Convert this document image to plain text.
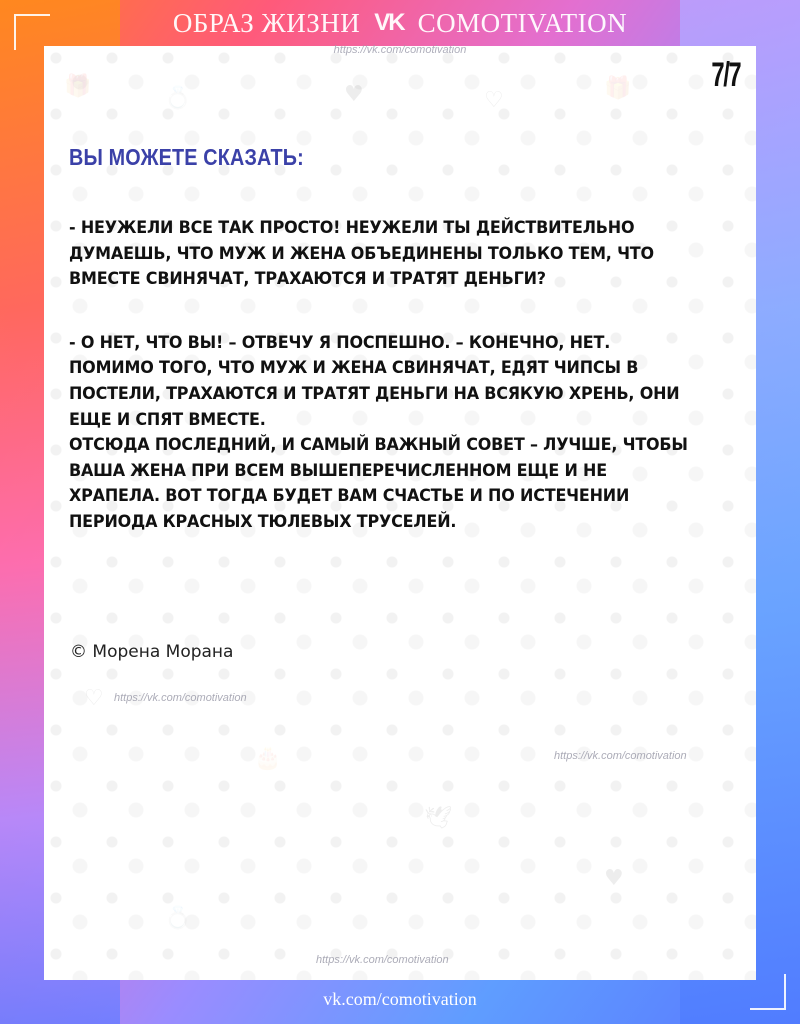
ОБРАЗ ЖИЗНИ VK COMOTIVATION
https://vk.com/comotivation
🎁	💍	♥	♡	🎁
♡
🎂
🕊
♥
💍
7/7
ВЫ МОЖЕТЕ СКАЗАТЬ:

- НЕУЖЕЛИ ВСЕ ТАК ПРОСТО! НЕУЖЕЛИ ТЫ ДЕЙСТВИТЕЛЬНО ДУМАЕШЬ, ЧТО МУЖ И ЖЕНА ОБЪЕДИНЕНЫ ТОЛЬКО ТЕМ, ЧТО ВМЕСТЕ СВИНЯЧАТ, ТРАХАЮТСЯ И ТРАТЯТ ДЕНЬГИ?

- О НЕТ, ЧТО ВЫ! – ОТВЕЧУ Я ПОСПЕШНО. – КОНЕЧНО, НЕТ. ПОМИМО ТОГО, ЧТО МУЖ И ЖЕНА СВИНЯЧАТ, ЕДЯТ ЧИПСЫ В ПОСТЕЛИ, ТРАХАЮТСЯ И ТРАТЯТ ДЕНЬГИ НА ВСЯКУЮ ХРЕНЬ, ОНИ ЕЩЕ И СПЯТ ВМЕСТЕ.

ОТСЮДА ПОСЛЕДНИЙ, И САМЫЙ ВАЖНЫЙ СОВЕТ – ЛУЧШЕ, ЧТОБЫ ВАША ЖЕНА ПРИ ВСЕМ ВЫШЕПЕРЕЧИСЛЕННОМ ЕЩЕ И НЕ ХРАПЕЛА. ВОТ ТОГДА БУДЕТ ВАМ СЧАСТЬЕ И ПО ИСТЕЧЕНИИ ПЕРИОДА КРАСНЫХ ТЮЛЕВЫХ ТРУСЕЛЕЙ.

© Морена Морана
https://vk.com/comotivation
https://vk.com/comotivation
https://vk.com/comotivation
vk.com/comotivation
